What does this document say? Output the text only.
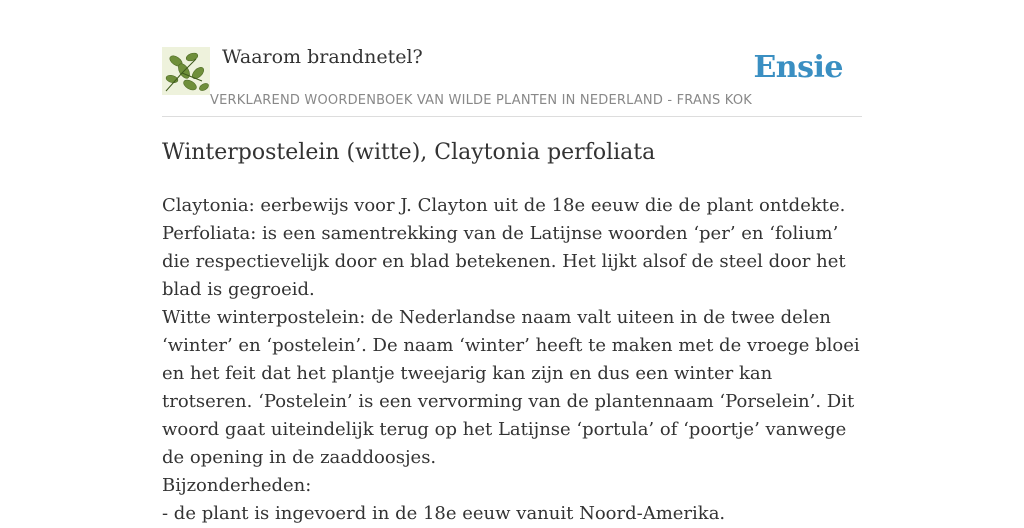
Waarom brandnetel?
VERKLAREND WOORDENBOEK VAN WILDE PLANTEN IN NEDERLAND - FRANS KOK
Ensie
Winterpostelein (witte), Claytonia perfoliata

Claytonia: eerbewijs voor J. Clayton uit de 18e eeuw die de plant ontdekte.

Perfoliata: is een samentrekking van de Latijnse woorden ‘per’ en ‘folium’ die respectievelijk door en blad betekenen. Het lijkt alsof de steel door het blad is gegroeid.

Witte winterpostelein: de Nederlandse naam valt uiteen in de twee delen ‘winter’ en ‘postelein’. De naam ‘winter’ heeft te maken met de vroege bloei en het feit dat het plantje tweejarig kan zijn en dus een winter kan trotseren. ‘Postelein’ is een vervorming van de plantennaam ‘Porselein’. Dit woord gaat uiteindelijk terug op het Latijnse ‘portula’ of ‘poortje’ vanwege de opening in de zaaddoosjes.

Bijzonderheden:

- de plant is ingevoerd in de 18e eeuw vanuit Noord-Amerika.
